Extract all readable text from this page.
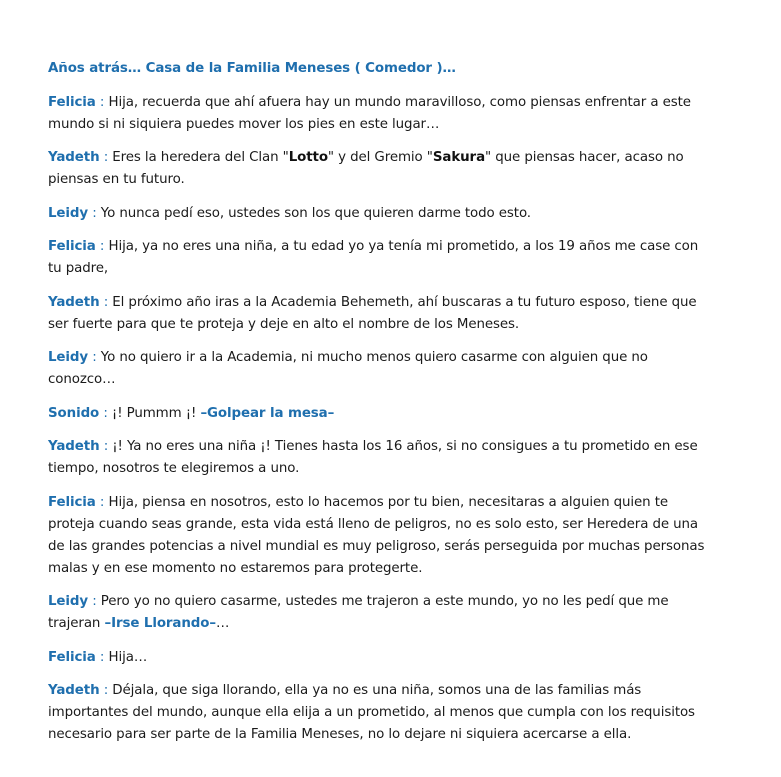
Años atrás… Casa de la Familia Meneses ( Comedor )…

Felicia : Hija, recuerda que ahí afuera hay un mundo maravilloso, como piensas enfrentar a este mundo si ni siquiera puedes mover los pies en este lugar…

Yadeth : Eres la heredera del Clan "Lotto" y del Gremio "Sakura" que piensas hacer, acaso no piensas en tu futuro.

Leidy : Yo nunca pedí eso, ustedes son los que quieren darme todo esto.

Felicia : Hija, ya no eres una niña, a tu edad yo ya tenía mi prometido, a los 19 años me case con tu padre,

Yadeth : El próximo año iras a la Academia Behemeth, ahí buscaras a tu futuro esposo, tiene que ser fuerte para que te proteja y deje en alto el nombre de los Meneses.

Leidy : Yo no quiero ir a la Academia, ni mucho menos quiero casarme con alguien que no conozco…

Sonido : ¡! Pummm ¡! –Golpear la mesa–

Yadeth : ¡! Ya no eres una niña ¡! Tienes hasta los 16 años, si no consigues a tu prometido en ese tiempo, nosotros te elegiremos a uno.

Felicia : Hija, piensa en nosotros, esto lo hacemos por tu bien, necesitaras a alguien quien te proteja cuando seas grande, esta vida está lleno de peligros, no es solo esto, ser Heredera de una de las grandes potencias a nivel mundial es muy peligroso, serás perseguida por muchas personas malas y en ese momento no estaremos para protegerte.

Leidy : Pero yo no quiero casarme, ustedes me trajeron a este mundo, yo no les pedí que me trajeran –Irse Llorando–…

Felicia : Hija…

Yadeth : Déjala, que siga llorando, ella ya no es una niña, somos una de las familias más importantes del mundo, aunque ella elija a un prometido, al menos que cumpla con los requisitos necesario para ser parte de la Familia Meneses, no lo dejare ni siquiera acercarse a ella.
